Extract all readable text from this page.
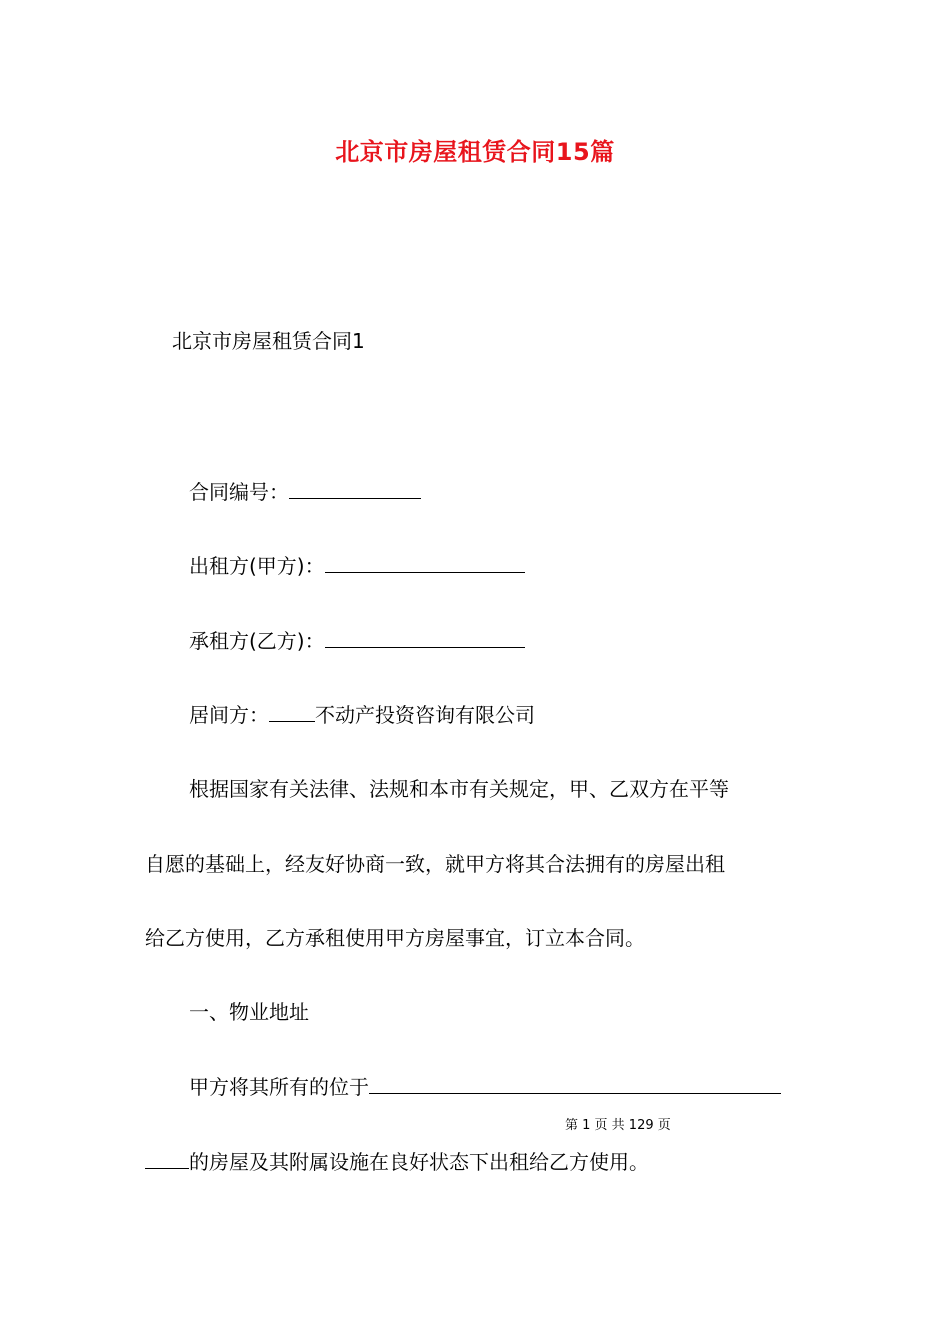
北京市房屋租赁合同15篇
北京市房屋租赁合同1
合同编号：
出租方(甲方)：
承租方(乙方)：
居间方： 不动产投资咨询有限公司
根据国家有关法律、法规和本市有关规定，甲、乙双方在平等
自愿的基础上，经友好协商一致，就甲方将其合法拥有的房屋出租
给乙方使用，乙方承租使用甲方房屋事宜，订立本合同。
一、物业地址
甲方将其所有的位于
第 1 页 共 129 页
的房屋及其附属设施在良好状态下出租给乙方使用。
